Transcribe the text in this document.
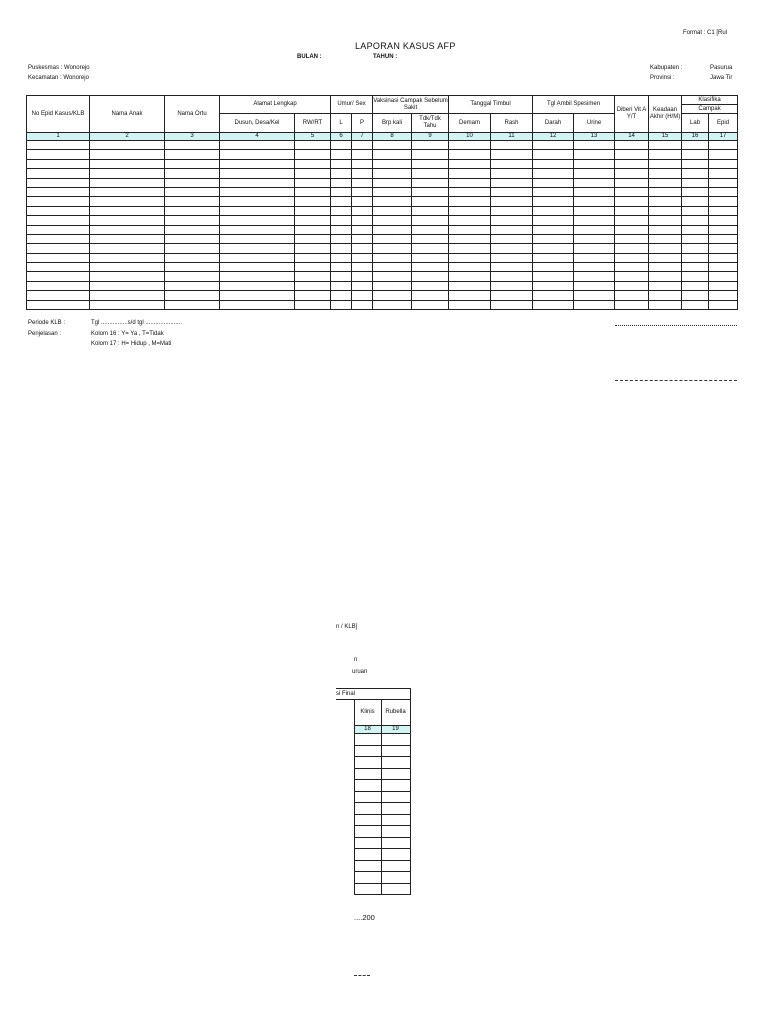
Format : C1 [Rul
LAPORAN KASUS AFP
BULAN :	TAHUN :
Puskesmas : Wonorejo
Kecamatan : Wonorejo
Kabupaten :	Pasurua
Provinsi :	Jawa Tir
No Epid Kasus/KLB	Nama Anak	Nama Ortu	Alamat Lengkap		Umur/ Sex		Vaksinasi Campak Sebelum Sakit		Tanggal Timbul		Tgl Ambil Spesimen		Diberi Vit A Y/T	Keadaan Akhir (H/M)	Klasifika	
															Campak	
			Dusun, Desa/Kel	RW/RT	L	P	Brp kali	Tdk/Tdk Tahu	Demam	Rash	Darah	Urine			Lab	Epid
1	2	3	4	5	6	7	8	9	10	11	12	13	14	15	16	17

Periode KLB :	Tgl ................s/d tgl ......................
Penjelasan :	Kolom 16 : Y= Ya , T=Tidak
Kolom 17 : H= Hidup , M=Mati
n / KLB]
n
uruan
si Final		
	Klinis	Rubella
	18	19

....200
